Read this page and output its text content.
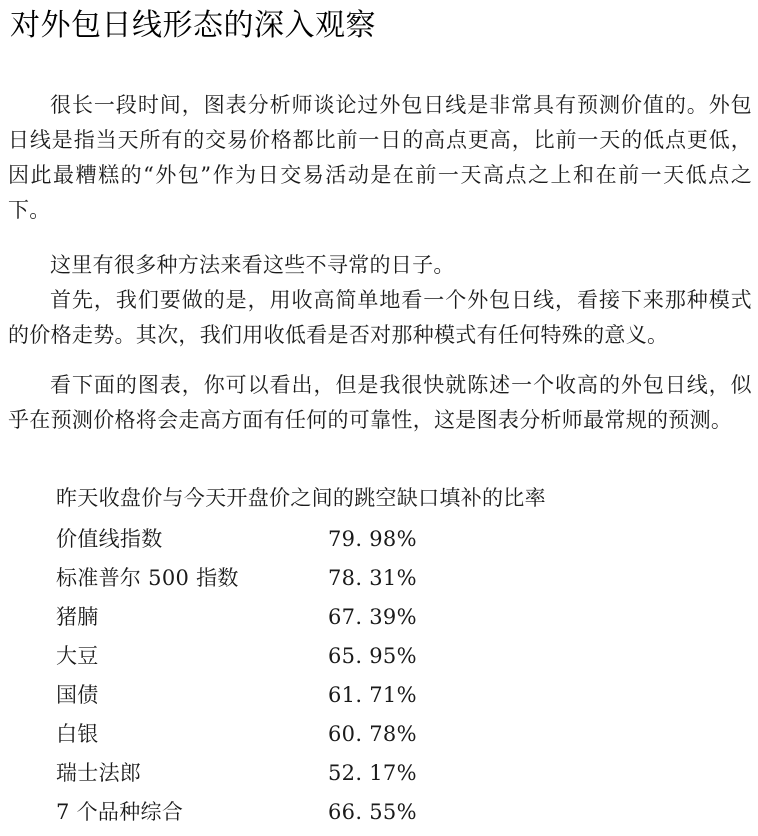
对外包日线形态的深入观察

很长一段时间，图表分析师谈论过外包日线是非常具有预测价值的。外包日线是指当天所有的交易价格都比前一日的高点更高，比前一天的低点更低，因此最糟糕的“外包”作为日交易活动是在前一天高点之上和在前一天低点之下。

这里有很多种方法来看这些不寻常的日子。

首先，我们要做的是，用收高简单地看一个外包日线，看接下来那种模式的价格走势。其次，我们用收低看是否对那种模式有任何特殊的意义。

看下面的图表，你可以看出，但是我很快就陈述一个收高的外包日线，似乎在预测价格将会走高方面有任何的可靠性，这是图表分析师最常规的预测。

昨天收盘价与今天开盘价之间的跳空缺口填补的比率
价值线指数	79. 98%
标准普尔 500 指数	78. 31%
猪腩	67. 39%
大豆	65. 95%
国债	61. 71%
白银	60. 78%
瑞士法郎	52. 17%
7 个品种综合	66. 55%
